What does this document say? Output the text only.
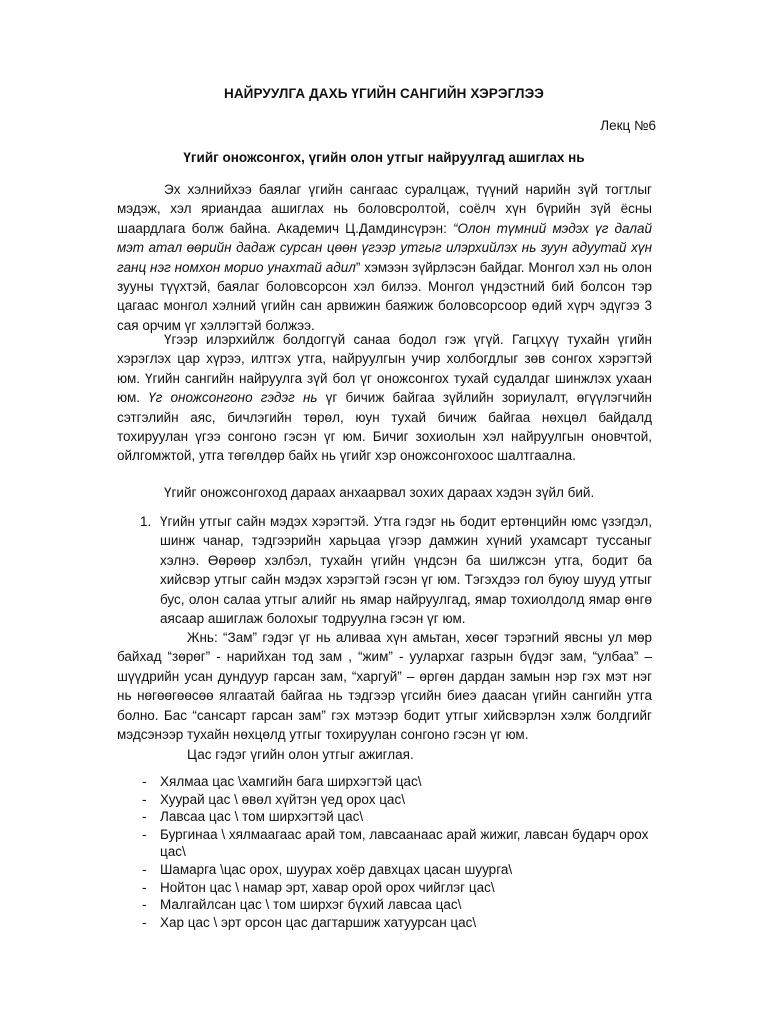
НАЙРУУЛГА ДАХЬ ҮГИЙН САНГИЙН ХЭРЭГЛЭЭ
Лекц №6
Үгийг оножсонгох, үгийн олон утгыг найруулгад ашиглах нь

Эх хэлнийхээ баялаг үгийн сангаас суралцаж, түүний нарийн зүй тогтлыг мэдэж, хэл яриандаа ашиглах нь боловсролтой, соёлч хүн бүрийн зүй ёсны шаардлага болж байна. Академич Ц.Дамдинсүрэн: “Олон түмний мэдэх үг далай мэт атал өөрийн дадаж сурсан цөөн үгээр утгыг илэрхийлэх нь зуун адуутай хүн ганц нэг номхон морио унахтай адил” хэмээн зүйрлэсэн байдаг. Монгол хэл нь олон зууны түүхтэй, баялаг боловсорсон хэл билээ. Монгол үндэстний бий болсон тэр цагаас монгол хэлний үгийн сан арвижин баяжиж боловсорсоор өдий хүрч эдүгээ 3 сая орчим үг хэллэгтэй болжээ.

Үгээр илэрхийлж болдоггүй санаа бодол гэж үгүй. Гагцхүү тухайн үгийн хэрэглэх цар хүрээ, илтгэх утга, найруулгын учир холбогдлыг зөв сонгох хэрэгтэй юм. Үгийн сангийн найруулга зүй бол үг оножсонгох тухай судалдаг шинжлэх ухаан юм. Үг оножсонгоно гэдэг нь үг бичиж байгаа зүйлийн зориулалт, өгүүлэгчийн сэтгэлийн аяс, бичлэгийн төрөл, юун тухай бичиж байгаа нөхцөл байдалд тохируулан үгээ сонгоно гэсэн үг юм. Бичиг зохиолын хэл найруулгын оновчтой, ойлгомжтой, утга төгөлдөр байх нь үгийг хэр оножсонгохоос шалтгаална.

Үгийг оножсонгоход дараах анхаарвал зохих дараах хэдэн зүйл бий.

1. Үгийн утгыг сайн мэдэх хэрэгтэй. Утга гэдэг нь бодит ертөнцийн юмс үзэгдэл, шинж чанар, тэдгээрийн харьцаа үгээр дамжин хүний ухамсарт туссаныг хэлнэ. Өөрөөр хэлбэл, тухайн үгийн үндсэн ба шилжсэн утга, бодит ба хийсвэр утгыг сайн мэдэх хэрэгтэй гэсэн үг юм. Тэгэхдээ гол буюу шууд утгыг бус, олон салаа утгыг алийг нь ямар найруулгад, ямар тохиолдолд ямар өнгө аясаар ашиглаж болохыг тодруулна гэсэн үг юм.

Жнь: “Зам” гэдэг үг нь аливаа хүн амьтан, хөсөг тэрэгний явсны ул мөр байхад “зөрөг” - нарийхан тод зам , “жим” - уулархаг газрын бүдэг зам, “улбаа” – шүүдрийн усан дундуур гарсан зам, “харгуй” – өргөн дардан замын нэр гэх мэт нэг нь нөгөөгөөсөө ялгаатай байгаа нь тэдгээр үгсийн биеэ даасан үгийн сангийн утга болно. Бас “сансарт гарсан зам” гэх мэтээр бодит утгыг хийсвэрлэн хэлж болдгийг мэдсэнээр тухайн нөхцөлд утгыг тохируулан сонгоно гэсэн үг юм.

Цас гэдэг үгийн олон утгыг ажиглая.

- Хялмаа цас \хамгийн бага ширхэгтэй цас\
- Хуурай цас \ өвөл хүйтэн үед орох цас\
- Лавсаа цас \ том ширхэгтэй цас\
- Бургинаа \ хялмаагаас арай том, лавсаанаас арай жижиг, лавсан бударч орох цас\
- Шамарга \цас орох, шуурах хоёр давхцах цасан шуурга\
- Нойтон цас \ намар эрт, хавар орой орох чийглэг цас\
- Малгайлсан цас \ том ширхэг бүхий лавсаа цас\
- Хар цас \ эрт орсон цас дагтаршиж хатуурсан цас\
